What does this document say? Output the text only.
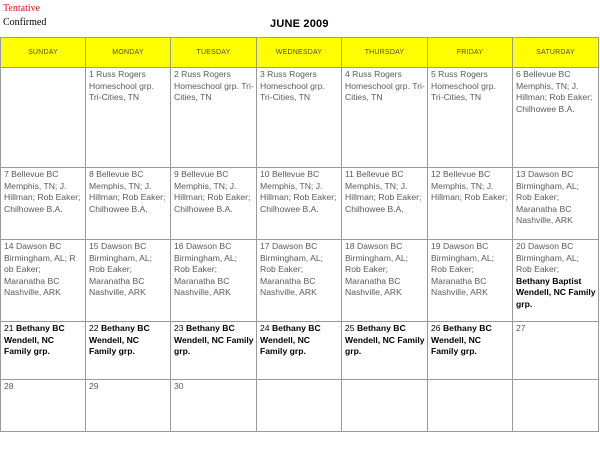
Tentative
Confirmed	JUNE 2009
SUNDAY	MONDAY	TUESDAY	WEDNESDAY	THURSDAY	FRIDAY	SATURDAY

	1 Russ Rogers Homeschool grp. Tri-Cities, TN	2 Russ Rogers Homeschool grp. Tri-Cities, TN	3 Russ Rogers Homeschool grp. Tri-Cities, TN	4 Russ Rogers Homeschool grp. Tri-Cities, TN	5 Russ Rogers Homeschool grp. Tri-Cities, TN	6 Bellevue BC Memphis, TN; J. Hillman; Rob Eaker;
Chilhowee B.A.

7 Bellevue BC Memphis, TN; J. Hillman; Rob Eaker; Chilhowee B.A.	8 Bellevue BC Memphis, TN; J. Hillman; Rob Eaker; Chilhowee B.A.	9 Bellevue BC Memphis, TN; J. Hillman; Rob Eaker; Chilhowee B.A.	10 Bellevue BC Memphis, TN; J. Hillman; Rob Eaker; Chilhowee B.A.	11 Bellevue BC Memphis, TN; J. Hillman; Rob Eaker; Chilhowee B.A.	12 Bellevue BC Memphis, TN; J. Hillman; Rob Eaker;	13 Dawson BC Birmingham, AL; Rob Eaker; Maranatha BC Nashville, ARK

14 Dawson BC Birmingham, AL; R ob Eaker; Maranatha BC Nashville, ARK	15 Dawson BC Birmingham, AL; Rob Eaker; Maranatha BC Nashville, ARK	16 Dawson BC Birmingham, AL; Rob Eaker; Maranatha BC Nashville, ARK	17 Dawson BC Birmingham, AL; Rob Eaker; Maranatha BC Nashville, ARK	18 Dawson BC Birmingham, AL; Rob Eaker; Maranatha BC Nashville, ARK	19 Dawson BC Birmingham, AL; Rob Eaker; Maranatha BC Nashville, ARK	20 Dawson BC Birmingham, AL; Rob Eaker;
Bethany Baptist Wendell, NC Family grp.

21 Bethany BC Wendell, NC Family grp.	22 Bethany BC Wendell, NC Family grp.	23 Bethany BC Wendell, NC Family grp.	24 Bethany BC Wendell, NC Family grp.	25 Bethany BC Wendell, NC Family grp.	26 Bethany BC Wendell, NC Family grp.	27

28	29	30				
